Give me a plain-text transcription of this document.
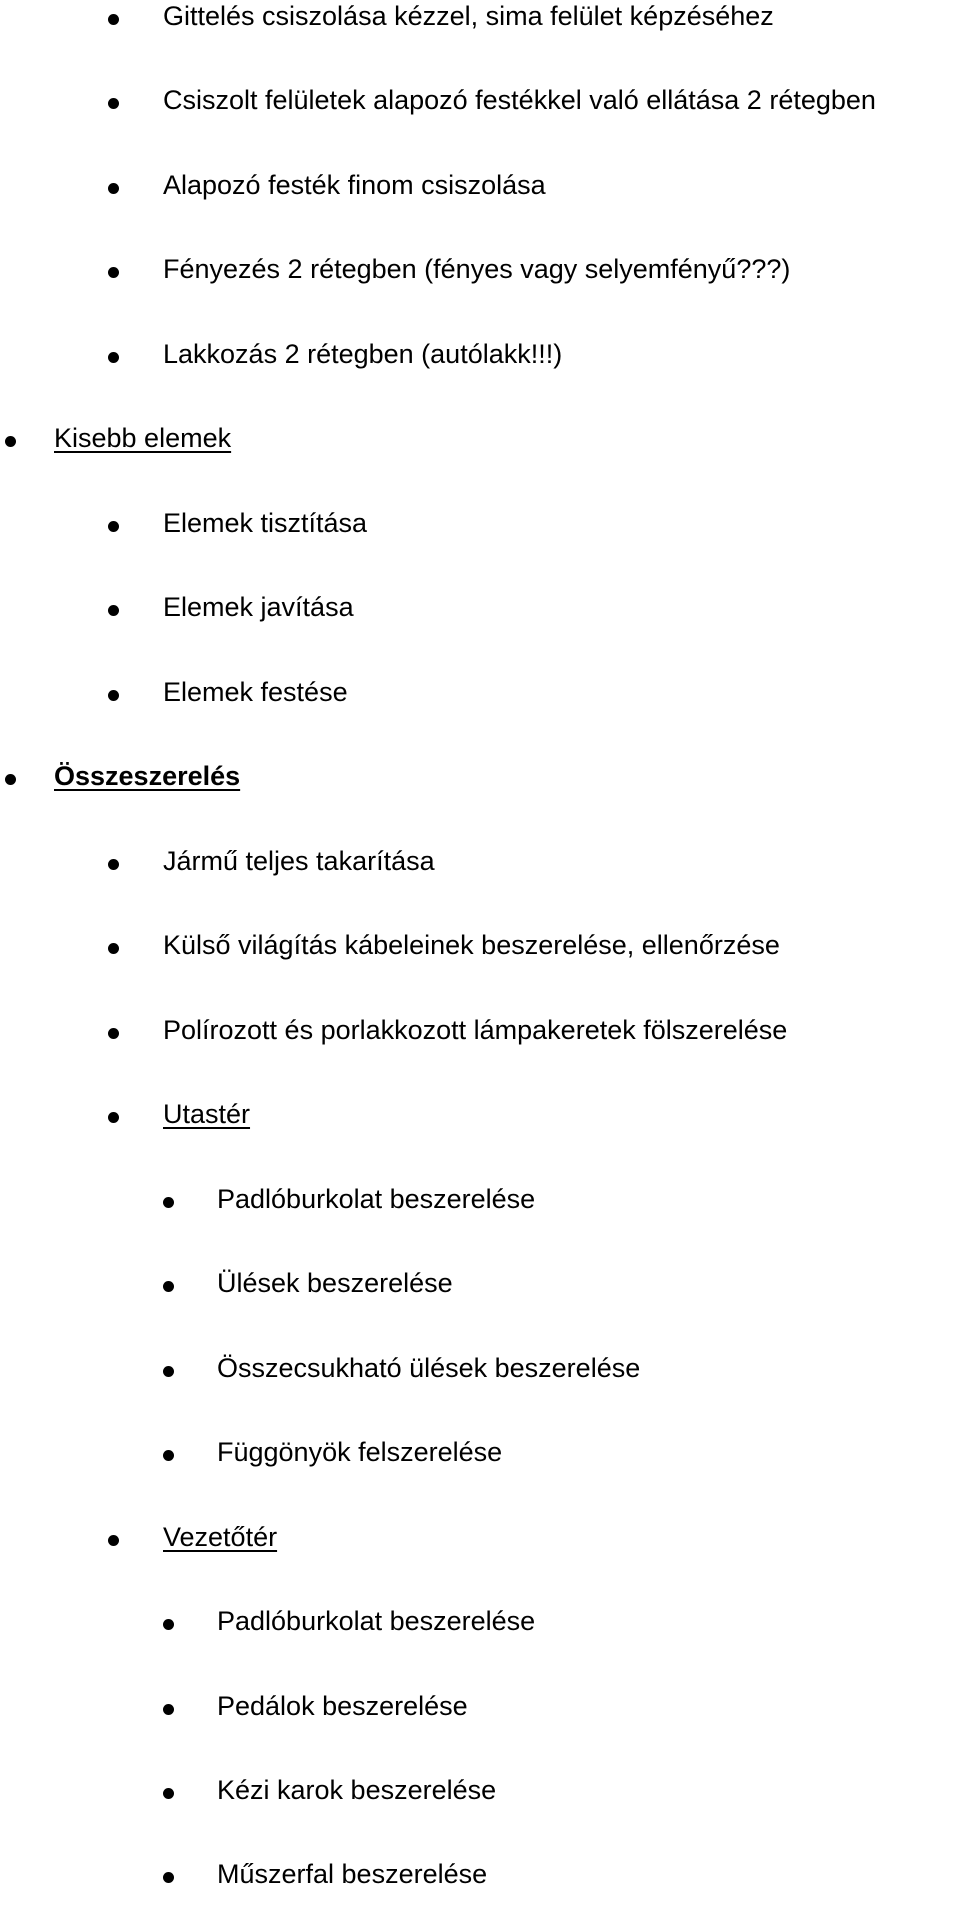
Gittelés csiszolása kézzel, sima felület képzéséhez
Csiszolt felületek alapozó festékkel való ellátása 2 rétegben
Alapozó festék finom csiszolása
Fényezés 2 rétegben (fényes vagy selyemfényű???)
Lakkozás 2 rétegben (autólakk!!!)
Kisebb elemek
Elemek tisztítása
Elemek javítása
Elemek festése
Összeszerelés
Jármű teljes takarítása
Külső világítás kábeleinek beszerelése, ellenőrzése
Polírozott és porlakkozott lámpakeretek fölszerelése
Utastér
Padlóburkolat beszerelése
Ülések beszerelése
Összecsukható ülések beszerelése
Függönyök felszerelése
Vezetőtér
Padlóburkolat beszerelése
Pedálok beszerelése
Kézi karok beszerelése
Műszerfal beszerelése
